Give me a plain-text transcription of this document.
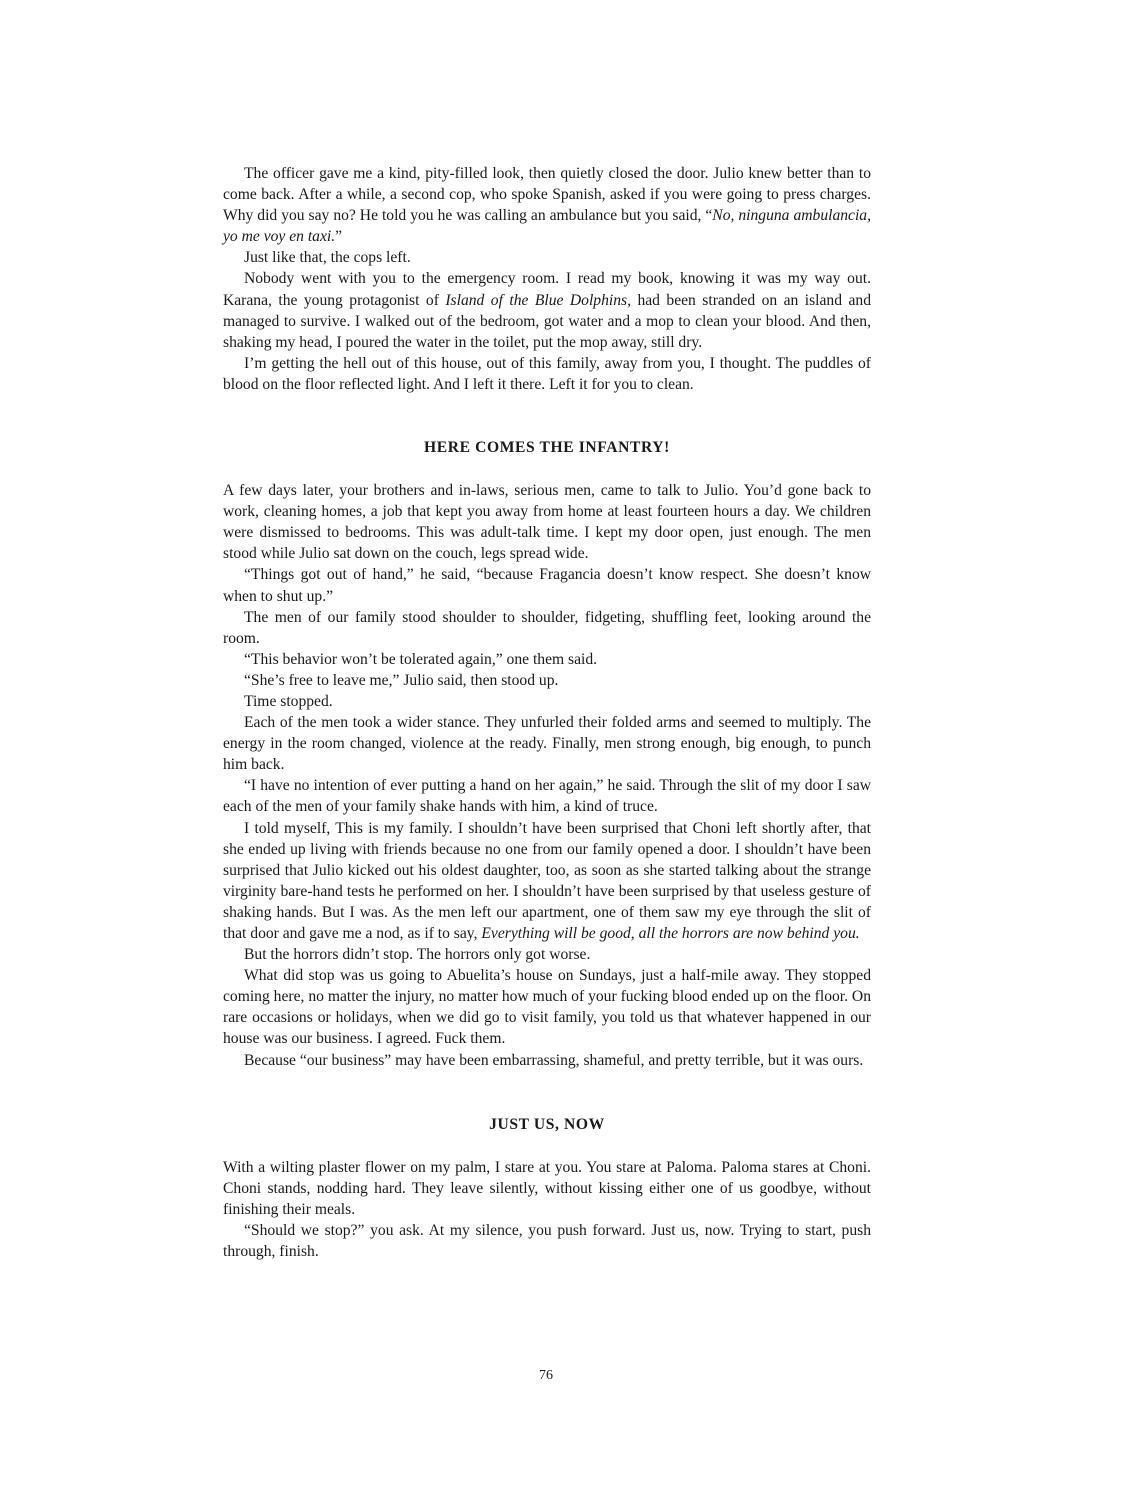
The officer gave me a kind, pity-filled look, then quietly closed the door. Julio knew better than to come back. After a while, a second cop, who spoke Spanish, asked if you were going to press charges. Why did you say no? He told you he was calling an ambulance but you said, “No, ninguna ambulancia, yo me voy en taxi.”

Just like that, the cops left.

Nobody went with you to the emergency room. I read my book, knowing it was my way out. Karana, the young protagonist of Island of the Blue Dolphins, had been stranded on an island and managed to survive. I walked out of the bedroom, got water and a mop to clean your blood. And then, shaking my head, I poured the water in the toilet, put the mop away, still dry.

I’m getting the hell out of this house, out of this family, away from you, I thought. The puddles of blood on the floor reflected light. And I left it there. Left it for you to clean.

HERE COMES THE INFANTRY!

A few days later, your brothers and in-laws, serious men, came to talk to Julio. You’d gone back to work, cleaning homes, a job that kept you away from home at least fourteen hours a day. We children were dismissed to bedrooms. This was adult-talk time. I kept my door open, just enough. The men stood while Julio sat down on the couch, legs spread wide.

“Things got out of hand,” he said, “because Fragancia doesn’t know respect. She doesn’t know when to shut up.”

The men of our family stood shoulder to shoulder, fidgeting, shuffling feet, looking around the room.

“This behavior won’t be tolerated again,” one them said.

“She’s free to leave me,” Julio said, then stood up.

Time stopped.

Each of the men took a wider stance. They unfurled their folded arms and seemed to multiply. The energy in the room changed, violence at the ready. Finally, men strong enough, big enough, to punch him back.

“I have no intention of ever putting a hand on her again,” he said. Through the slit of my door I saw each of the men of your family shake hands with him, a kind of truce.

I told myself, This is my family. I shouldn’t have been surprised that Choni left shortly after, that she ended up living with friends because no one from our family opened a door. I shouldn’t have been surprised that Julio kicked out his oldest daughter, too, as soon as she started talking about the strange virginity bare-hand tests he performed on her. I shouldn’t have been surprised by that useless gesture of shaking hands. But I was. As the men left our apartment, one of them saw my eye through the slit of that door and gave me a nod, as if to say, Everything will be good, all the horrors are now behind you.

But the horrors didn’t stop. The horrors only got worse.

What did stop was us going to Abuelita’s house on Sundays, just a half-mile away. They stopped coming here, no matter the injury, no matter how much of your fucking blood ended up on the floor. On rare occasions or holidays, when we did go to visit family, you told us that whatever happened in our house was our business. I agreed. Fuck them.

Because “our business” may have been embarrassing, shameful, and pretty terrible, but it was ours.

JUST US, NOW

With a wilting plaster flower on my palm, I stare at you. You stare at Paloma. Paloma stares at Choni. Choni stands, nodding hard. They leave silently, without kissing either one of us goodbye, without finishing their meals.

“Should we stop?” you ask. At my silence, you push forward. Just us, now. Trying to start, push through, finish.

76
